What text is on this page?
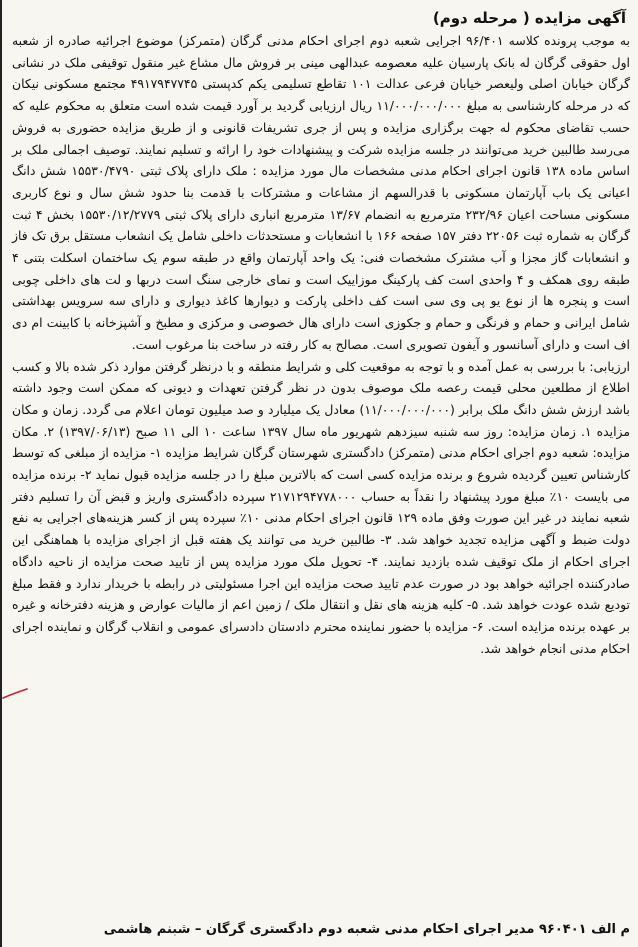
آگهی مزایده ( مرحله دوم)

به موجب پرونده کلاسه ۹۶/۴۰۱ اجرایی شعبه دوم اجرای احکام مدنی گرگان (متمرکز) موضوع اجرائیه صادره از شعبه اول حقوقی گرگان له بانک پارسیان علیه معصومه عبدالهی مینی بر فروش مال مشاع غیر منقول توقیفی ملک در نشانی گرگان خیابان اصلی ولیعصر خیابان فرعی عدالت ۱۰۱ تقاطع تسلیمی یکم کدپستی ۴۹۱۷۹۴۷۷۴۵ مجتمع مسکونی نیکان که در مرحله کارشناسی به مبلغ ۱۱/۰۰۰/۰۰۰/۰۰۰ ریال ارزیابی گردید بر آورد قیمت شده است متعلق به محکوم علیه که حسب تقاضای محکوم له جهت برگزاری مزایده و پس از جری تشریفات قانونی و از طریق مزایده حضوری به فروش می‌رسد طالبین خرید می‌توانند در جلسه مزایده شرکت و پیشنهادات خود را ارائه و تسلیم نمایند. توصیف اجمالی ملک بر اساس ماده ۱۳۸ قانون اجرای احکام مدنی مشخصات مال مورد مزایده : ملک دارای پلاک ثبتی ۱۵۵۳۰/۴۷۹۰ شش دانگ اعیانی یک باب آپارتمان مسکونی با قدرالسهم از مشاعات و مشترکات با قدمت بنا حدود شش سال و نوع کاربری مسکونی مساحت اعیان ۲۳۲/۹۶ مترمربع به انضمام ۱۳/۶۷ مترمربع انباری دارای پلاک ثبتی ۱۵۵۳۰/۱۲/۲۷۷۹ بخش ۴ ثبت گرگان به شماره ثبت ۲۲۰۵۶ دفتر ۱۵۷ صفحه ۱۶۶ با انشعابات و مستحدثات داخلی شامل یک انشعاب مستقل برق تک فاز و انشعابات گاز مجزا و آب مشترک مشخصات فنی: یک واحد آپارتمان واقع در طبقه سوم یک ساختمان اسکلت بتنی ۴ طبقه روی همکف و ۴ واحدی است کف پارکینگ موزاییک است و نمای خارجی سنگ است دربها و لت های داخلی چوبی است و پنجره ها از نوع یو پی وی سی است کف داخلی پارکت و دیوارها کاغذ دیواری و دارای سه سرویس بهداشتی شامل ایرانی و حمام و فرنگی و حمام و جکوزی است دارای هال خصوصی و مرکزی و مطبخ و آشپزخانه با کابینت ام دی اف است و دارای آسانسور و آیفون تصویری است. مصالح به کار رفته در ساخت بنا مرغوب است.

ارزیابی: با بررسی به عمل آمده و با توجه به موقعیت کلی و شرایط منطقه و با درنظر گرفتن موارد ذکر شده بالا و کسب اطلاع از مطلعین محلی قیمت رعصه ملک موصوف بدون در نظر گرفتن تعهدات و دیونی که ممکن است وجود داشته باشد ارزش شش دانگ ملک برابر (۱۱/۰۰۰/۰۰۰/۰۰۰) معادل یک میلیارد و صد میلیون تومان اعلام می گردد. زمان و مکان مزایده ۱. زمان مزایده: روز سه شنبه سیزدهم شهریور ماه سال ۱۳۹۷ ساعت ۱۰ الی ۱۱ صبح (۱۳۹۷/۰۶/۱۳) ۲. مکان مزایده: شعبه دوم اجرای احکام مدنی (متمرکز) دادگستری شهرستان گرگان شرایط مزایده ۱- مزایده از مبلغی که توسط کارشناس تعیین گردیده شروع و برنده مزایده کسی است که بالاترین مبلغ را در جلسه مزایده قبول نماید ۲- برنده مزایده می بایست ۱۰٪ مبلغ مورد پیشنهاد را نقداً به حساب ۲۱۷۱۲۹۴۷۷۸۰۰۰ سپرده دادگستری واریز و قبض آن را تسلیم دفتر شعبه نمایند در غیر این صورت وفق ماده ۱۲۹ قانون اجرای احکام مدنی ۱۰٪ سپرده پس از کسر هزینه‌های اجرایی به نفع دولت ضبط و آگهی مزایده تجدید خواهد شد. ۳- طالبین خرید می توانند یک هفته قبل از اجرای مزایده با هماهنگی این اجرای احکام از ملک توقیف شده بازدید نمایند. ۴- تحویل ملک مورد مزایده پس از تایید صحت مزایده از ناحیه دادگاه صادرکننده اجرائیه خواهد بود در صورت عدم تایید صحت مزایده این اجرا مسئولیتی در رابطه با خریدار ندارد و فقط مبلغ تودیع شده عودت خواهد شد. ۵- کلیه هزینه های نقل و انتقال ملک / زمین اعم از مالیات عوارض و هزینه دفترخانه و غیره بر عهده برنده مزایده است. ۶- مزایده با حضور نماینده محترم دادستان دادسرای عمومی و انقلاب گرگان و نماینده اجرای احکام مدنی انجام خواهد شد.

م الف ۹۶۰۴۰۱ مدیر اجرای احکام مدنی شعبه دوم دادگستری گرگان – شبنم هاشمی
